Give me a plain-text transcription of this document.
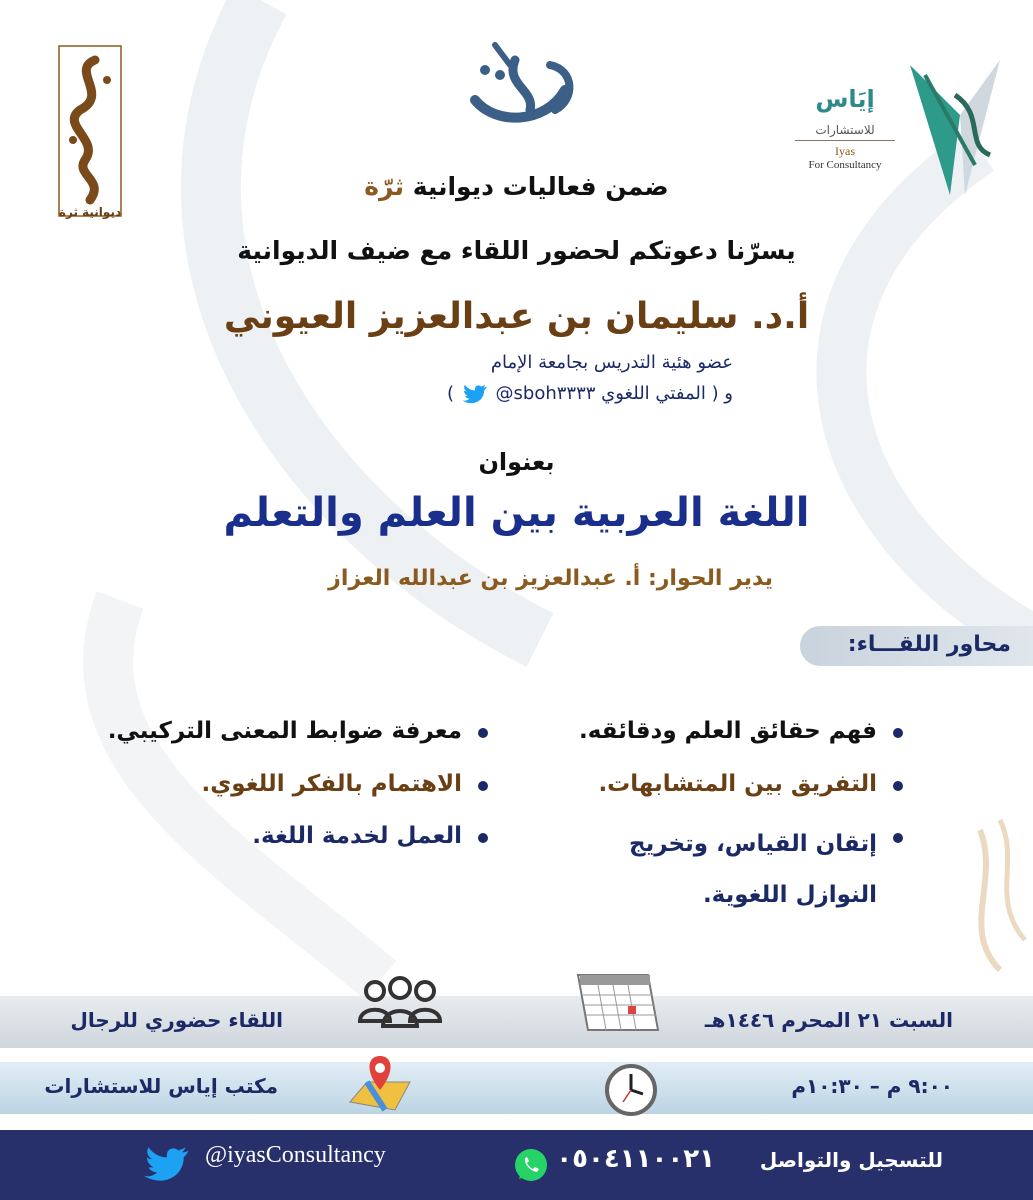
ديوانية ثرة
إيَاس
للاستشارات
Iyas
For Consultancy
ضمن فعاليات ديوانية ثرّة
يسرّنا دعوتكم لحضور اللقاء مع ضيف الديوانية
أ.د. سليمان بن عبدالعزيز العيوني
عضو هئية التدريس بجامعة الإمام
و ( المفتي اللغوي @sboh٣٣٣٣  )
بعنوان
اللغة العربية بين العلم والتعلم
يدير الحوار: أ. عبدالعزيز بن عبدالله العزاز
محاور اللقـــاء:
فهم حقائق العلم ودقائقه.
التفريق بين المتشابهات.
إتقان القياس، وتخريج النوازل اللغوية.
معرفة ضوابط المعنى التركيبي.
الاهتمام بالفكر اللغوي.
العمل لخدمة اللغة.
السبت ٢١ المحرم ١٤٤٦هـ
اللقاء حضوري للرجال
٩:٠٠ م – ١٠:٣٠م
مكتب إياس للاستشارات
للتسجيل والتواصل
٠٥٠٤١١٠٠٢١
@iyasConsultancy
